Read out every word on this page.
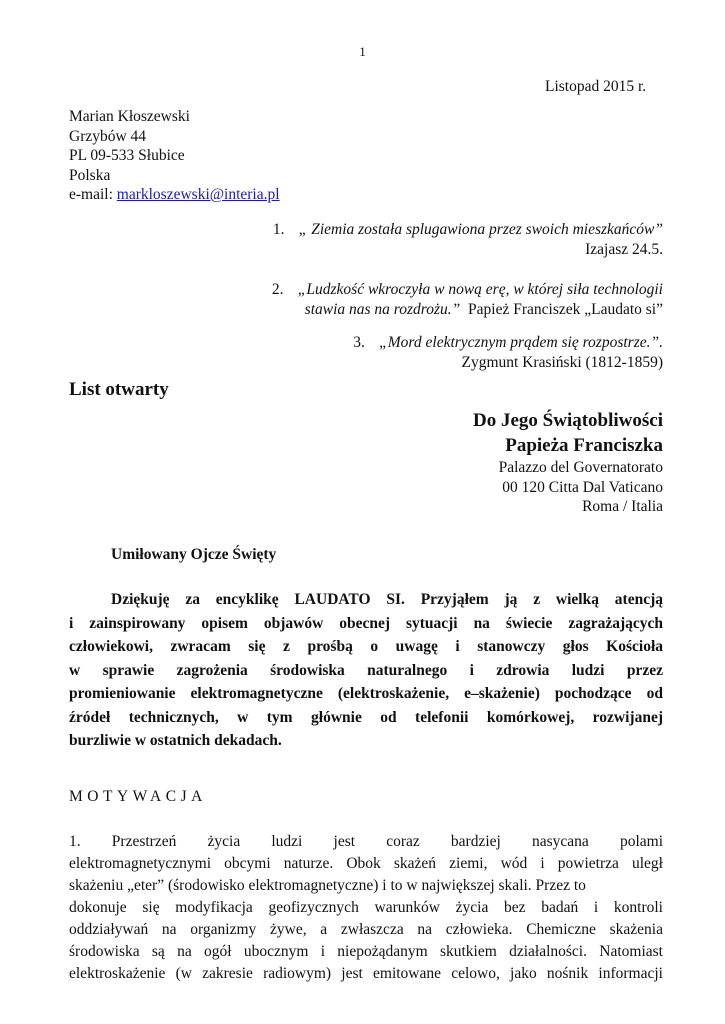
1
Listopad 2015 r.
Marian Kłoszewski
Grzybów 44
PL 09-533 Słubice
Polska
e-mail: markloszewski@interia.pl
1. „ Ziemia została splugawiona przez swoich mieszkańców”
Izajasz 24.5.
2. „Ludzkość wkroczyła w nową erę, w której siła technologii
stawia nas na rozdrożu.” Papież Franciszek „Laudato si”
3. „Mord elektrycznym prądem się rozpostrze.”.
Zygmunt Krasiński (1812-1859)
List otwarty
Do Jego Świątobliwości
Papieża Franciszka
Palazzo del Governatorato
00 120 Citta Dal Vaticano
Roma / Italia
Umiłowany Ojcze Święty
Dziękuję za encyklikę LAUDATO SI. Przyjąłem ją z wielką atencją
i zainspirowany opisem objawów obecnej sytuacji na świecie zagrażających
człowiekowi, zwracam się z prośbą o uwagę i stanowczy głos Kościoła
w sprawie zagrożenia środowiska naturalnego i zdrowia ludzi przez
promieniowanie elektromagnetyczne (elektroskażenie, e–skażenie) pochodzące od
źródeł technicznych, w tym głównie od telefonii komórkowej, rozwijanej
burzliwie w ostatnich dekadach.
MOTYWACJA
1. Przestrzeń życia ludzi jest coraz bardziej nasycana polami
elektromagnetycznymi obcymi naturze. Obok skażeń ziemi, wód i powietrza uległ
skażeniu „eter” (środowisko elektromagnetyczne) i to w największej skali. Przez to
dokonuje się modyfikacja geofizycznych warunków życia bez badań i kontroli
oddziaływań na organizmy żywe, a zwłaszcza na człowieka. Chemiczne skażenia
środowiska są na ogół ubocznym i niepożądanym skutkiem działalności. Natomiast
elektroskażenie (w zakresie radiowym) jest emitowane celowo, jako nośnik informacji
